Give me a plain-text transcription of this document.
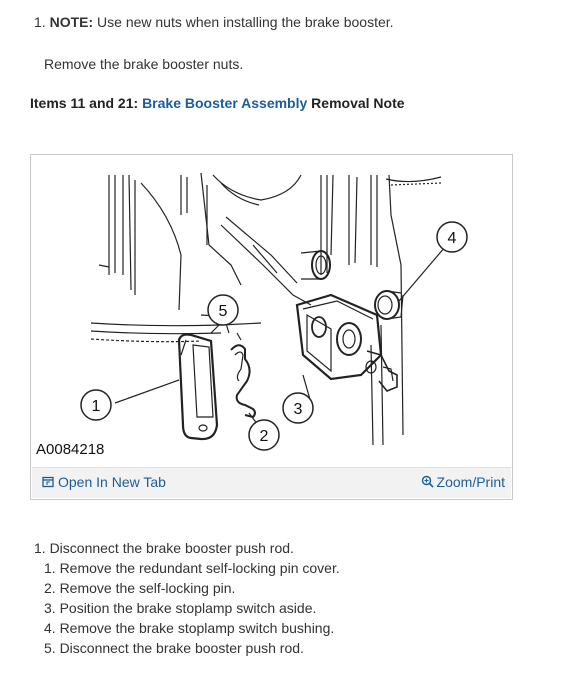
1. NOTE: Use new nuts when installing the brake booster.
Remove the brake booster nuts.
Items 11 and 21: Brake Booster Assembly Removal Note
1
2
3
4
5
A0084218
Open In New Tab	Zoom/Print
1. Disconnect the brake booster push rod.
1. Remove the redundant self-locking pin cover.
2. Remove the self-locking pin.
3. Position the brake stoplamp switch aside.
4. Remove the brake stoplamp switch bushing.
5. Disconnect the brake booster push rod.
